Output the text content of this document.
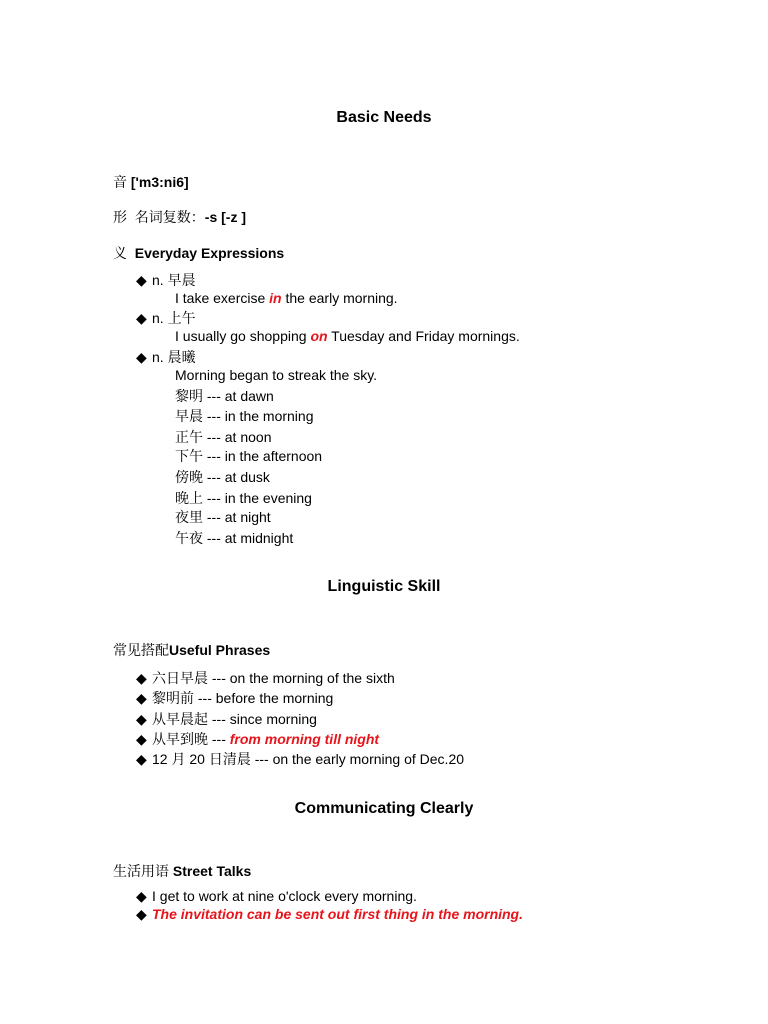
Basic Needs
音 ['m3:ni6]
形 名词复数：-s [-z ]
义 Everyday Expressions
◆ n. 早晨
I take exercise in the early morning.
◆ n. 上午
I usually go shopping on Tuesday and Friday mornings.
◆ n. 晨曦
Morning began to streak the sky.
黎明 --- at dawn
早晨 --- in the morning
正午 --- at noon
下午 --- in the afternoon
傍晚 --- at dusk
晚上 --- in the evening
夜里 --- at night
午夜 --- at midnight
Linguistic Skill
常见搭配Useful Phrases
◆ 六日早晨 --- on the morning of the sixth
◆ 黎明前 --- before the morning
◆ 从早晨起 --- since morning
◆ 从早到晚 --- from morning till night
◆ 12 月 20 日清晨 --- on the early morning of Dec.20
Communicating Clearly
生活用语 Street Talks
◆ I get to work at nine o'clock every morning.
◆ The invitation can be sent out first thing in the morning.
